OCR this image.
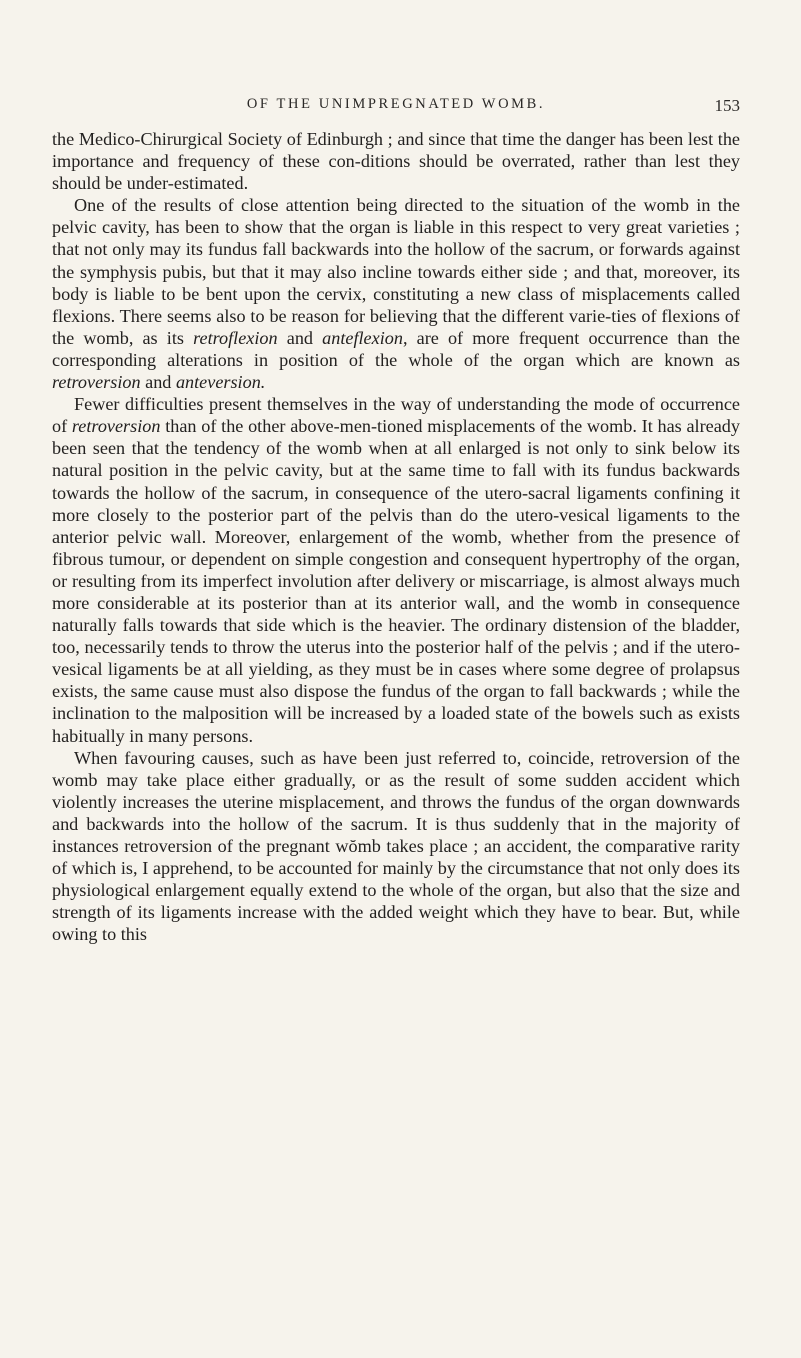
OF THE UNIMPREGNATED WOMB.	153

the Medico-Chirurgical Society of Edinburgh ; and since that time the danger has been lest the importance and frequency of these con-ditions should be overrated, rather than lest they should be under-estimated.

One of the results of close attention being directed to the situation of the womb in the pelvic cavity, has been to show that the organ is liable in this respect to very great varieties ; that not only may its fundus fall backwards into the hollow of the sacrum, or forwards against the symphysis pubis, but that it may also incline towards either side ; and that, moreover, its body is liable to be bent upon the cervix, constituting a new class of misplacements called flexions. There seems also to be reason for believing that the different varie-ties of flexions of the womb, as its retroflexion and anteflexion, are of more frequent occurrence than the corresponding alterations in position of the whole of the organ which are known as retroversion and anteversion.

Fewer difficulties present themselves in the way of understanding the mode of occurrence of retroversion than of the other above-men-tioned misplacements of the womb. It has already been seen that the tendency of the womb when at all enlarged is not only to sink below its natural position in the pelvic cavity, but at the same time to fall with its fundus backwards towards the hollow of the sacrum, in consequence of the utero-sacral ligaments confining it more closely to the posterior part of the pelvis than do the utero-vesical ligaments to the anterior pelvic wall. Moreover, enlargement of the womb, whether from the presence of fibrous tumour, or dependent on simple congestion and consequent hypertrophy of the organ, or resulting from its imperfect involution after delivery or miscarriage, is almost always much more considerable at its posterior than at its anterior wall, and the womb in consequence naturally falls towards that side which is the heavier. The ordinary distension of the bladder, too, necessarily tends to throw the uterus into the posterior half of the pelvis ; and if the utero-vesical ligaments be at all yielding, as they must be in cases where some degree of prolapsus exists, the same cause must also dispose the fundus of the organ to fall backwards ; while the inclination to the malposition will be increased by a loaded state of the bowels such as exists habitually in many persons.

When favouring causes, such as have been just referred to, coincide, retroversion of the womb may take place either gradually, or as the result of some sudden accident which violently increases the uterine misplacement, and throws the fundus of the organ downwards and backwards into the hollow of the sacrum. It is thus suddenly that in the majority of instances retroversion of the pregnant wŏmb takes place ; an accident, the comparative rarity of which is, I apprehend, to be accounted for mainly by the circumstance that not only does its physiological enlargement equally extend to the whole of the organ, but also that the size and strength of its ligaments increase with the added weight which they have to bear. But, while owing to this
